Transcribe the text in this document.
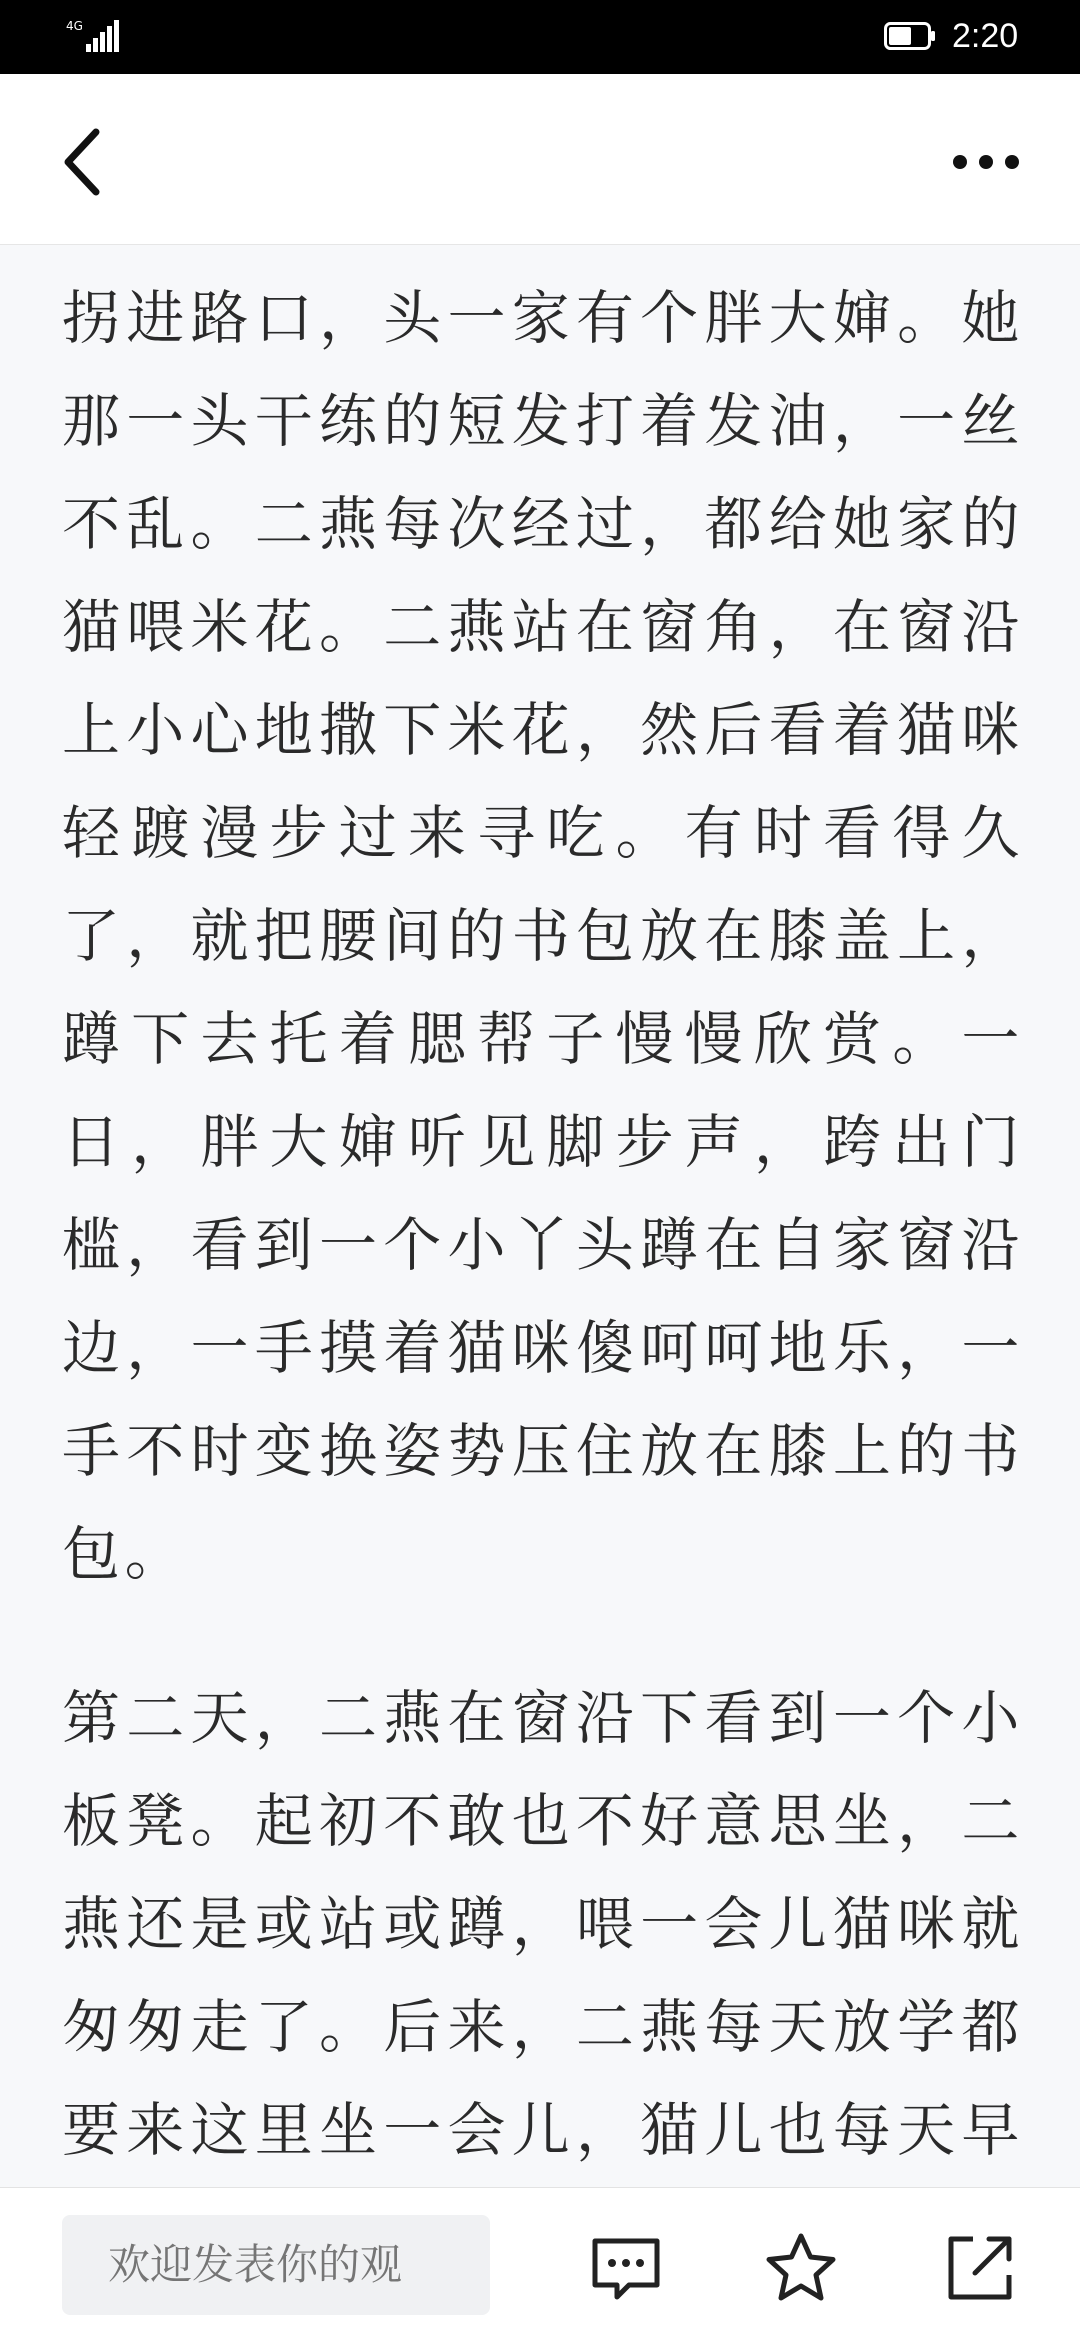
4G	2:20

拐进路口，头一家有个胖大婶。她那一头干练的短发打着发油，一丝不乱。二燕每次经过，都给她家的猫喂米花。二燕站在窗角，在窗沿上小心地撒下米花，然后看着猫咪轻踱漫步过来寻吃。有时看得久了，就把腰间的书包放在膝盖上，蹲下去托着腮帮子慢慢欣赏。一日，胖大婶听见脚步声，跨出门槛，看到一个小丫头蹲在自家窗沿边，一手摸着猫咪傻呵呵地乐，一手不时变换姿势压住放在膝上的书包。

第二天，二燕在窗沿下看到一个小板凳。起初不敢也不好意思坐，二燕还是或站或蹲，喂一会儿猫咪就匆匆走了。后来，二燕每天放学都要来这里坐一会儿，猫儿也每天早

欢迎发表你的观
